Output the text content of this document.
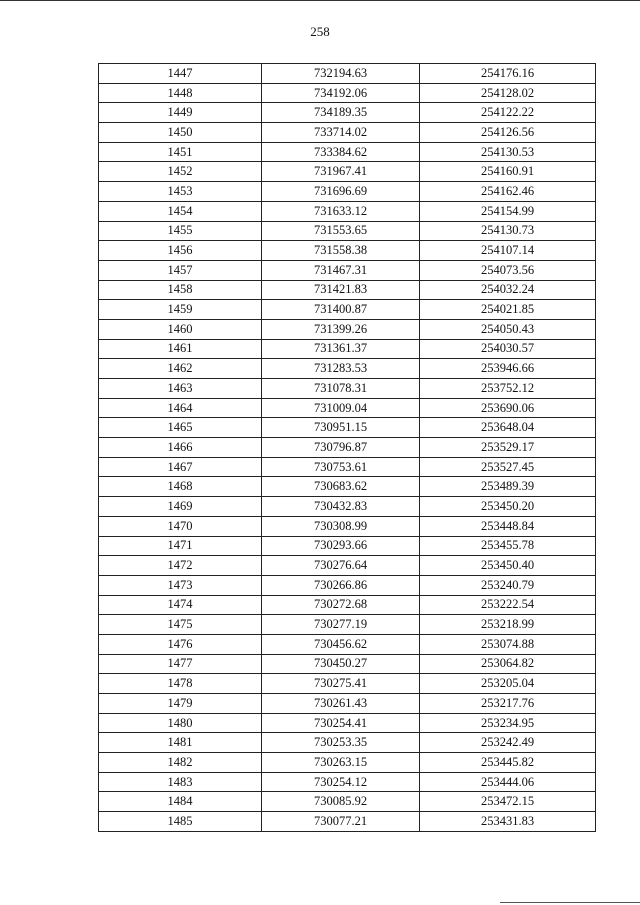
258
1447	732194.63	254176.16
1448	734192.06	254128.02
1449	734189.35	254122.22
1450	733714.02	254126.56
1451	733384.62	254130.53
1452	731967.41	254160.91
1453	731696.69	254162.46
1454	731633.12	254154.99
1455	731553.65	254130.73
1456	731558.38	254107.14
1457	731467.31	254073.56
1458	731421.83	254032.24
1459	731400.87	254021.85
1460	731399.26	254050.43
1461	731361.37	254030.57
1462	731283.53	253946.66
1463	731078.31	253752.12
1464	731009.04	253690.06
1465	730951.15	253648.04
1466	730796.87	253529.17
1467	730753.61	253527.45
1468	730683.62	253489.39
1469	730432.83	253450.20
1470	730308.99	253448.84
1471	730293.66	253455.78
1472	730276.64	253450.40
1473	730266.86	253240.79
1474	730272.68	253222.54
1475	730277.19	253218.99
1476	730456.62	253074.88
1477	730450.27	253064.82
1478	730275.41	253205.04
1479	730261.43	253217.76
1480	730254.41	253234.95
1481	730253.35	253242.49
1482	730263.15	253445.82
1483	730254.12	253444.06
1484	730085.92	253472.15
1485	730077.21	253431.83
